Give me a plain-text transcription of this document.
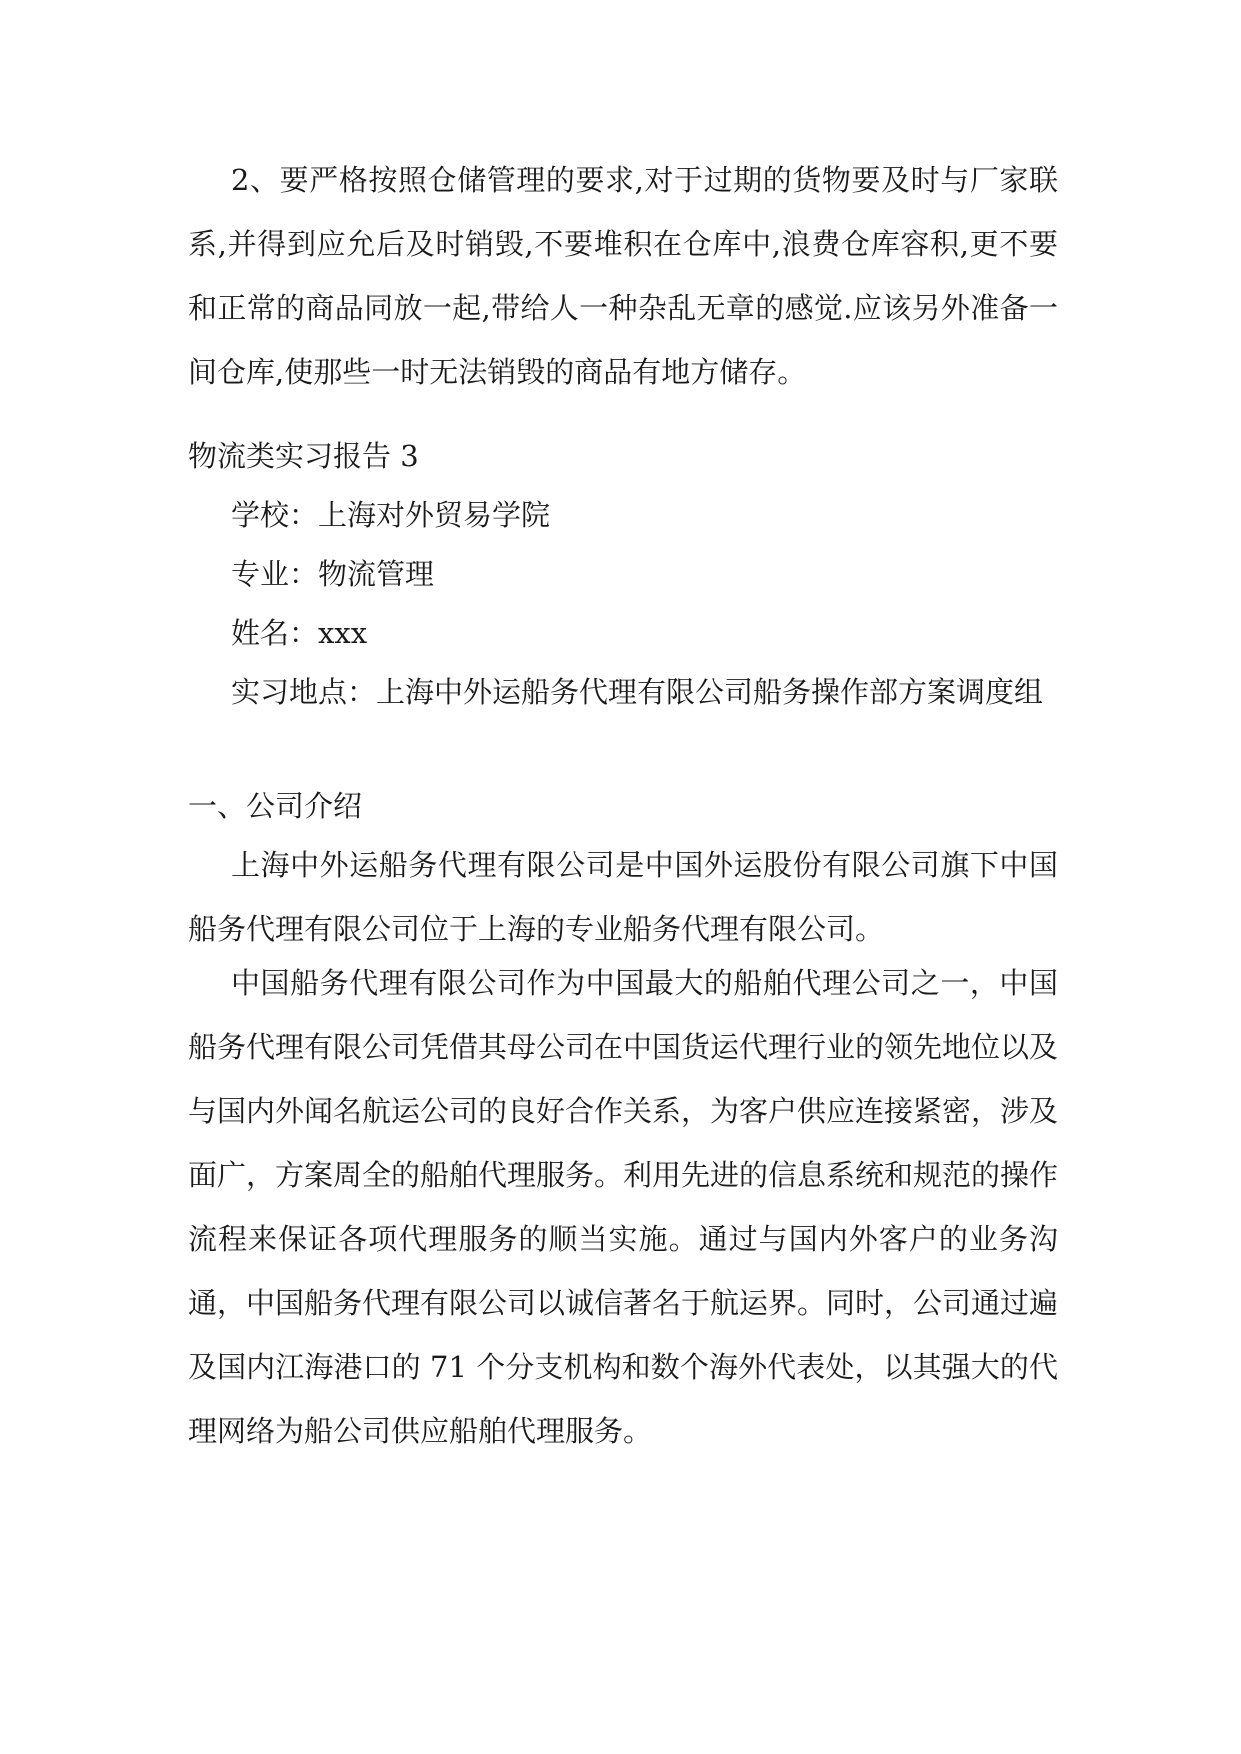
2、要严格按照仓储管理的要求,对于过期的货物要及时与厂家联系,并得到应允后及时销毁,不要堆积在仓库中,浪费仓库容积,更不要和正常的商品同放一起,带给人一种杂乱无章的感觉.应该另外准备一间仓库,使那些一时无法销毁的商品有地方储存。

物流类实习报告 3
学校：上海对外贸易学院
专业：物流管理
姓名：xxx
实习地点：上海中外运船务代理有限公司船务操作部方案调度组
一、公司介绍

上海中外运船务代理有限公司是中国外运股份有限公司旗下中国船务代理有限公司位于上海的专业船务代理有限公司。

中国船务代理有限公司作为中国最大的船舶代理公司之一，中国船务代理有限公司凭借其母公司在中国货运代理行业的领先地位以及与国内外闻名航运公司的良好合作关系，为客户供应连接紧密，涉及面广，方案周全的船舶代理服务。利用先进的信息系统和规范的操作流程来保证各项代理服务的顺当实施。通过与国内外客户的业务沟通，中国船务代理有限公司以诚信著名于航运界。同时，公司通过遍及国内江海港口的 71 个分支机构和数个海外代表处，以其强大的代理网络为船公司供应船舶代理服务。
